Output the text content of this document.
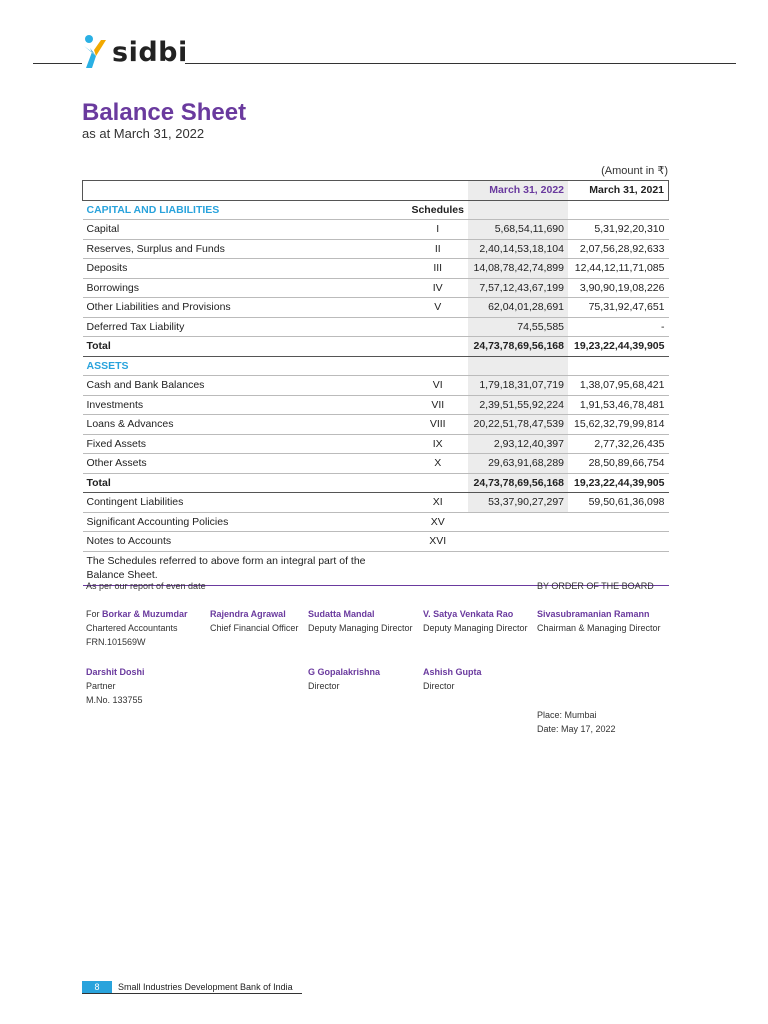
sidbi
Balance Sheet
as at March 31, 2022
(Amount in ₹)
		March 31, 2022	March 31, 2021
CAPITAL AND LIABILITIES	Schedules		
Capital	I	5,68,54,11,690	5,31,92,20,310
Reserves, Surplus and Funds	II	2,40,14,53,18,104	2,07,56,28,92,633
Deposits	III	14,08,78,42,74,899	12,44,12,11,71,085
Borrowings	IV	7,57,12,43,67,199	3,90,90,19,08,226
Other Liabilities and Provisions	V	62,04,01,28,691	75,31,92,47,651
Deferred Tax Liability		74,55,585	-
Total		24,73,78,69,56,168	19,23,22,44,39,905
ASSETS			
Cash and Bank Balances	VI	1,79,18,31,07,719	1,38,07,95,68,421
Investments	VII	2,39,51,55,92,224	1,91,53,46,78,481
Loans & Advances	VIII	20,22,51,78,47,539	15,62,32,79,99,814
Fixed Assets	IX	2,93,12,40,397	2,77,32,26,435
Other Assets	X	29,63,91,68,289	28,50,89,66,754
Total		24,73,78,69,56,168	19,23,22,44,39,905
Contingent Liabilities	XI	53,37,90,27,297	59,50,61,36,098
Significant Accounting Policies	XV		
Notes to Accounts	XVI		
The Schedules referred to above form an integral part of the
Balance Sheet.			
As per our report of even date	BY ORDER OF THE BOARD
For Borkar & Muzumdar
Chartered Accountants
FRN.101569W
Rajendra Agrawal
Chief Financial Officer
Sudatta Mandal
Deputy Managing Director
V. Satya Venkata Rao
Deputy Managing Director
Sivasubramanian Ramann
Chairman & Managing Director
Darshit Doshi
Partner
M.No. 133755
G Gopalakrishna
Director
Ashish Gupta
Director
Place: Mumbai
Date: May 17, 2022
8	Small Industries Development Bank of India
